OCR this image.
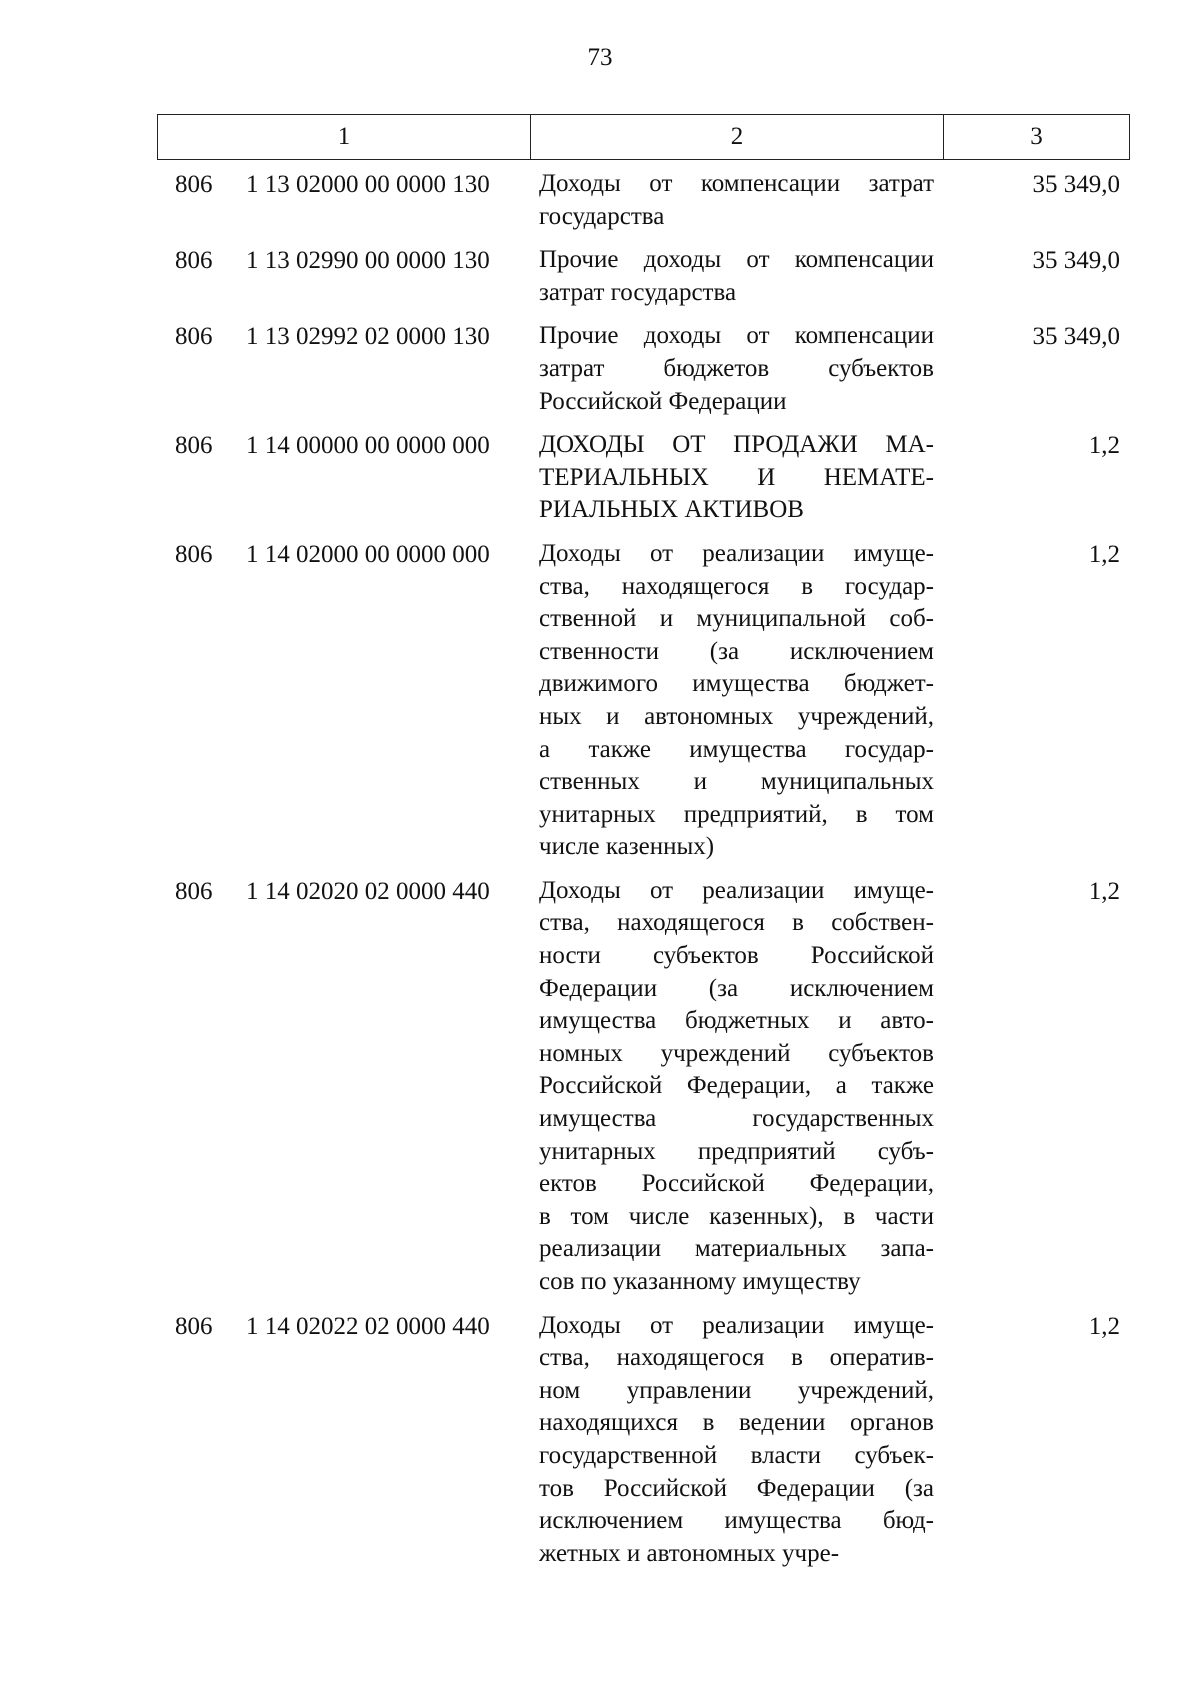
73
1	2	3
806 1 13 02000 00 0000 130 Доходы от компенсации затрат
государства
35 349,0
806 1 13 02990 00 0000 130 Прочие доходы от компенсации
затрат государства
35 349,0
806 1 13 02992 02 0000 130 Прочие доходы от компенсации
затрат бюджетов субъектов
Российской Федерации
35 349,0
806 1 14 00000 00 0000 000 ДОХОДЫ ОТ ПРОДАЖИ МА-
ТЕРИАЛЬНЫХ И НЕМАТЕ-
РИАЛЬНЫХ АКТИВОВ
1,2
806 1 14 02000 00 0000 000 Доходы от реализации имуще-
ства, находящегося в государ-
ственной и муниципальной соб-
ственности (за исключением
движимого имущества бюджет-
ных и автономных учреждений,
а также имущества государ-
ственных и муниципальных
унитарных предприятий, в том
числе казенных)
1,2
806 1 14 02020 02 0000 440 Доходы от реализации имуще-
ства, находящегося в собствен-
ности субъектов Российской
Федерации (за исключением
имущества бюджетных и авто-
номных учреждений субъектов
Российской Федерации, а также
имущества государственных
унитарных предприятий субъ-
ектов Российской Федерации,
в том числе казенных), в части
реализации материальных запа-
сов по указанному имуществу
1,2
806 1 14 02022 02 0000 440 Доходы от реализации имуще-
ства, находящегося в оператив-
ном управлении учреждений,
находящихся в ведении органов
государственной власти субъек-
тов Российской Федерации (за
исключением имущества бюд-
жетных и автономных учре-
1,2
